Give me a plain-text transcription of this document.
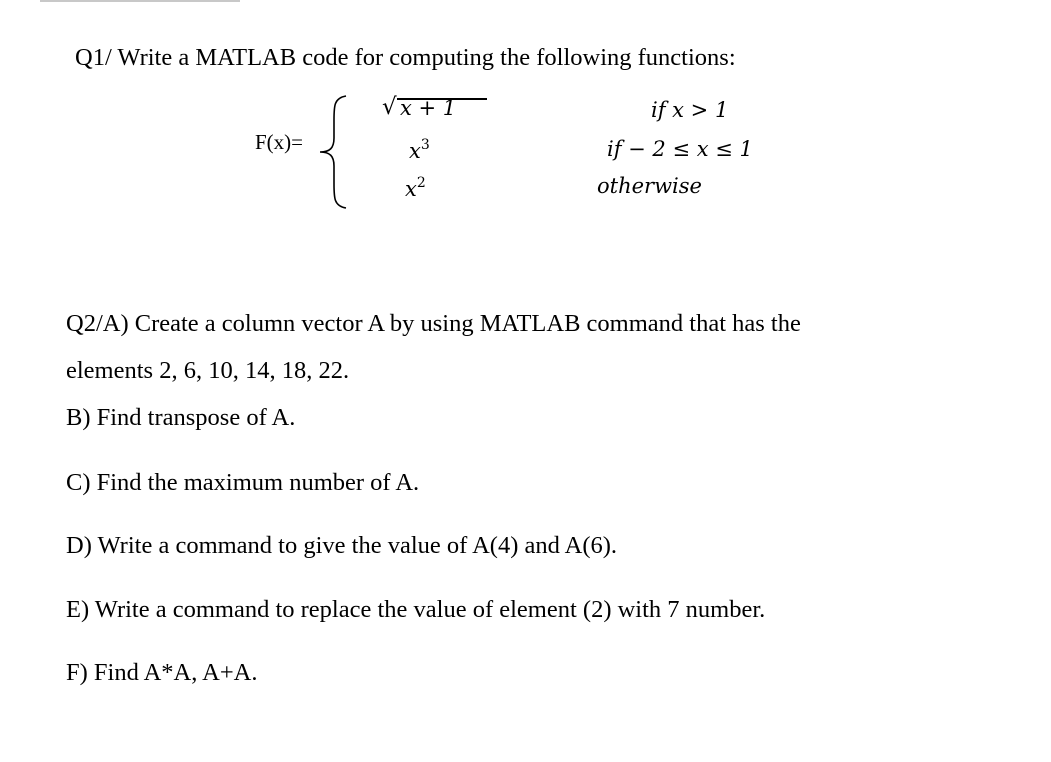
Q1/ Write a MATLAB code for computing the following functions:
F(x)=
√ x + 1	if x > 1
$x^3$	if − 2 ≤ x ≤ 1
$x^2$	otherwise
Q2/A) Create a column vector A by using MATLAB command that has the
elements 2, 6, 10, 14, 18, 22.
B) Find transpose of A.
C) Find the maximum number of A.
D) Write a command to give the value of A(4) and A(6).
E) Write a command to replace the value of element (2) with 7 number.
F) Find A*A, A+A.
